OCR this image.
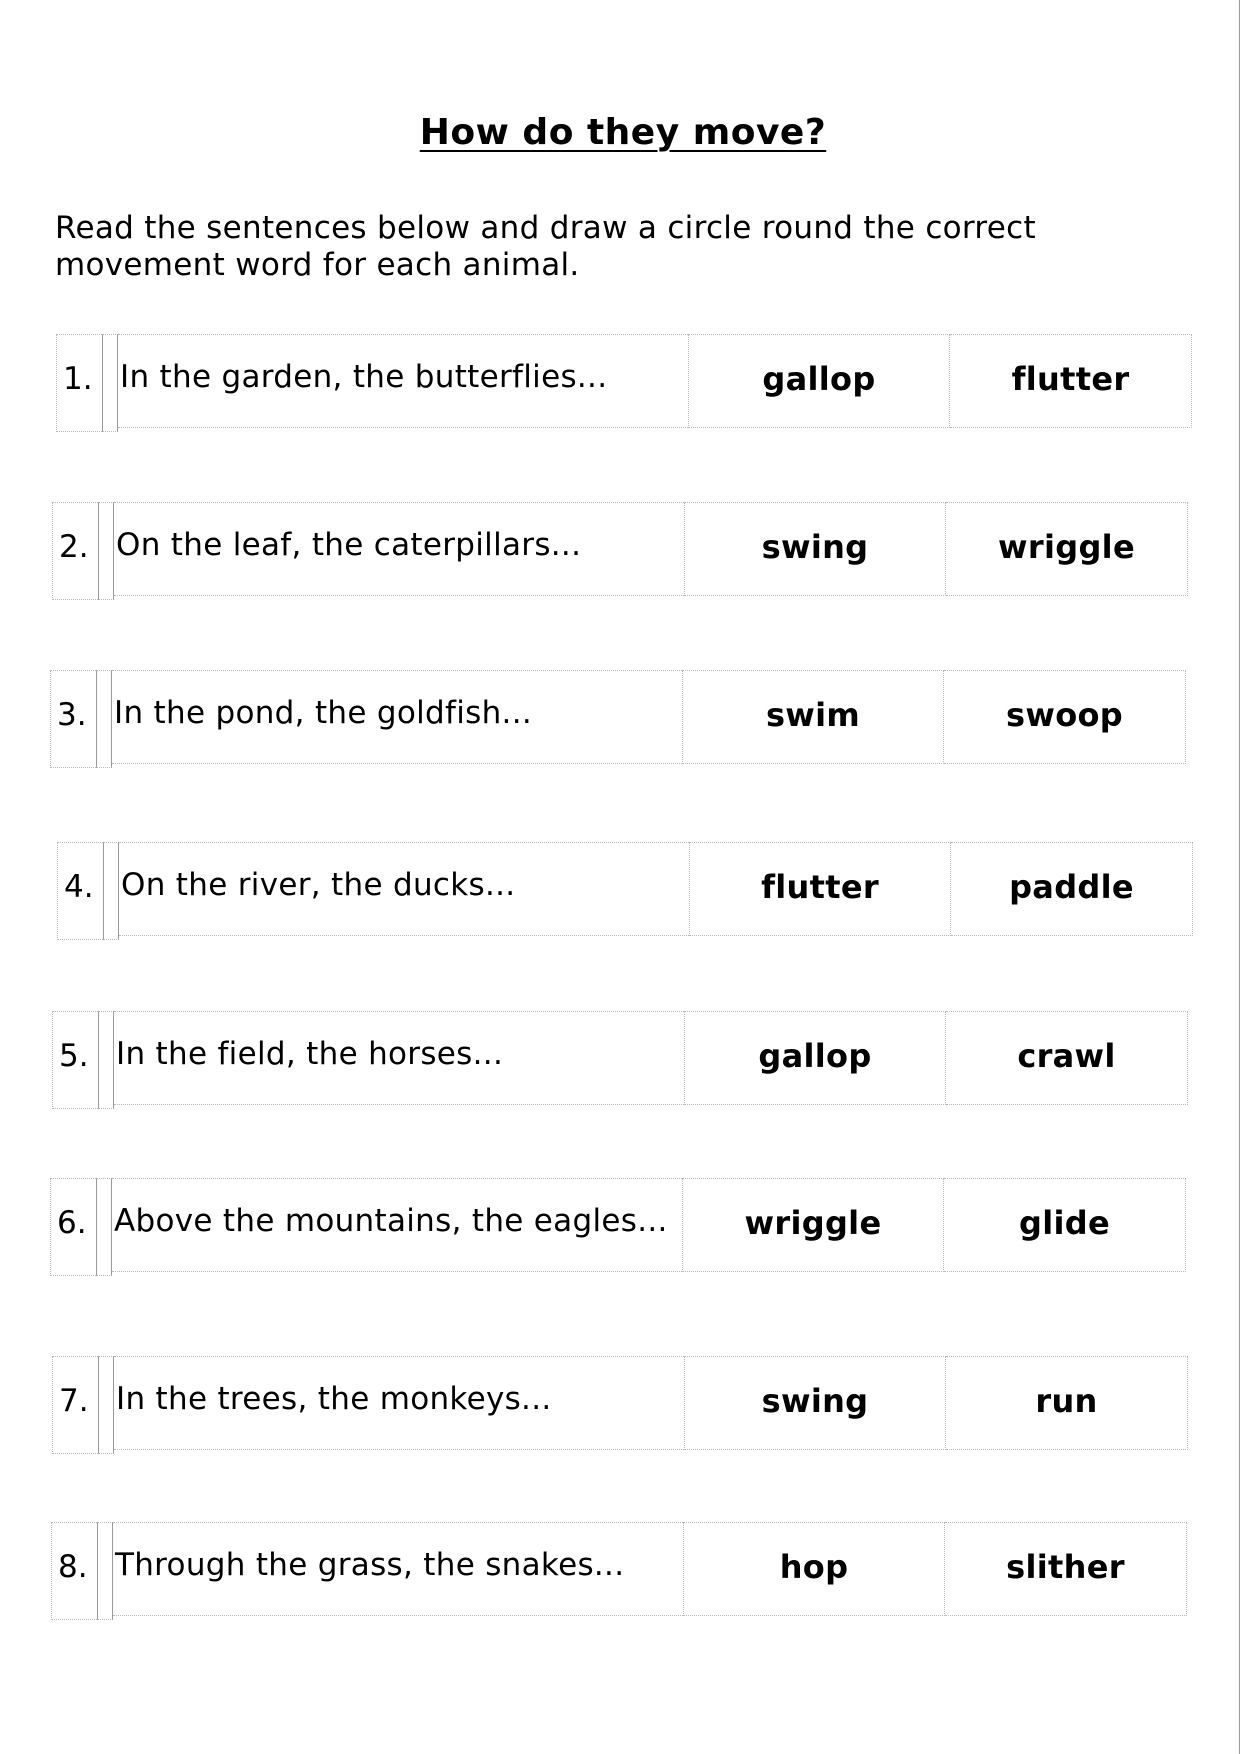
How do they move?
Read the sentences below and draw a circle round the correct
movement word for each animal.
1. In the garden, the butterflies...	gallop	flutter
2. On the leaf, the caterpillars...	swing	wriggle
3. In the pond, the goldfish...	swim	swoop
4. On the river, the ducks...	flutter	paddle
5. In the field, the horses...	gallop	crawl
6. Above the mountains, the eagles...	wriggle	glide
7. In the trees, the monkeys...	swing	run
8. Through the grass, the snakes...	hop	slither
